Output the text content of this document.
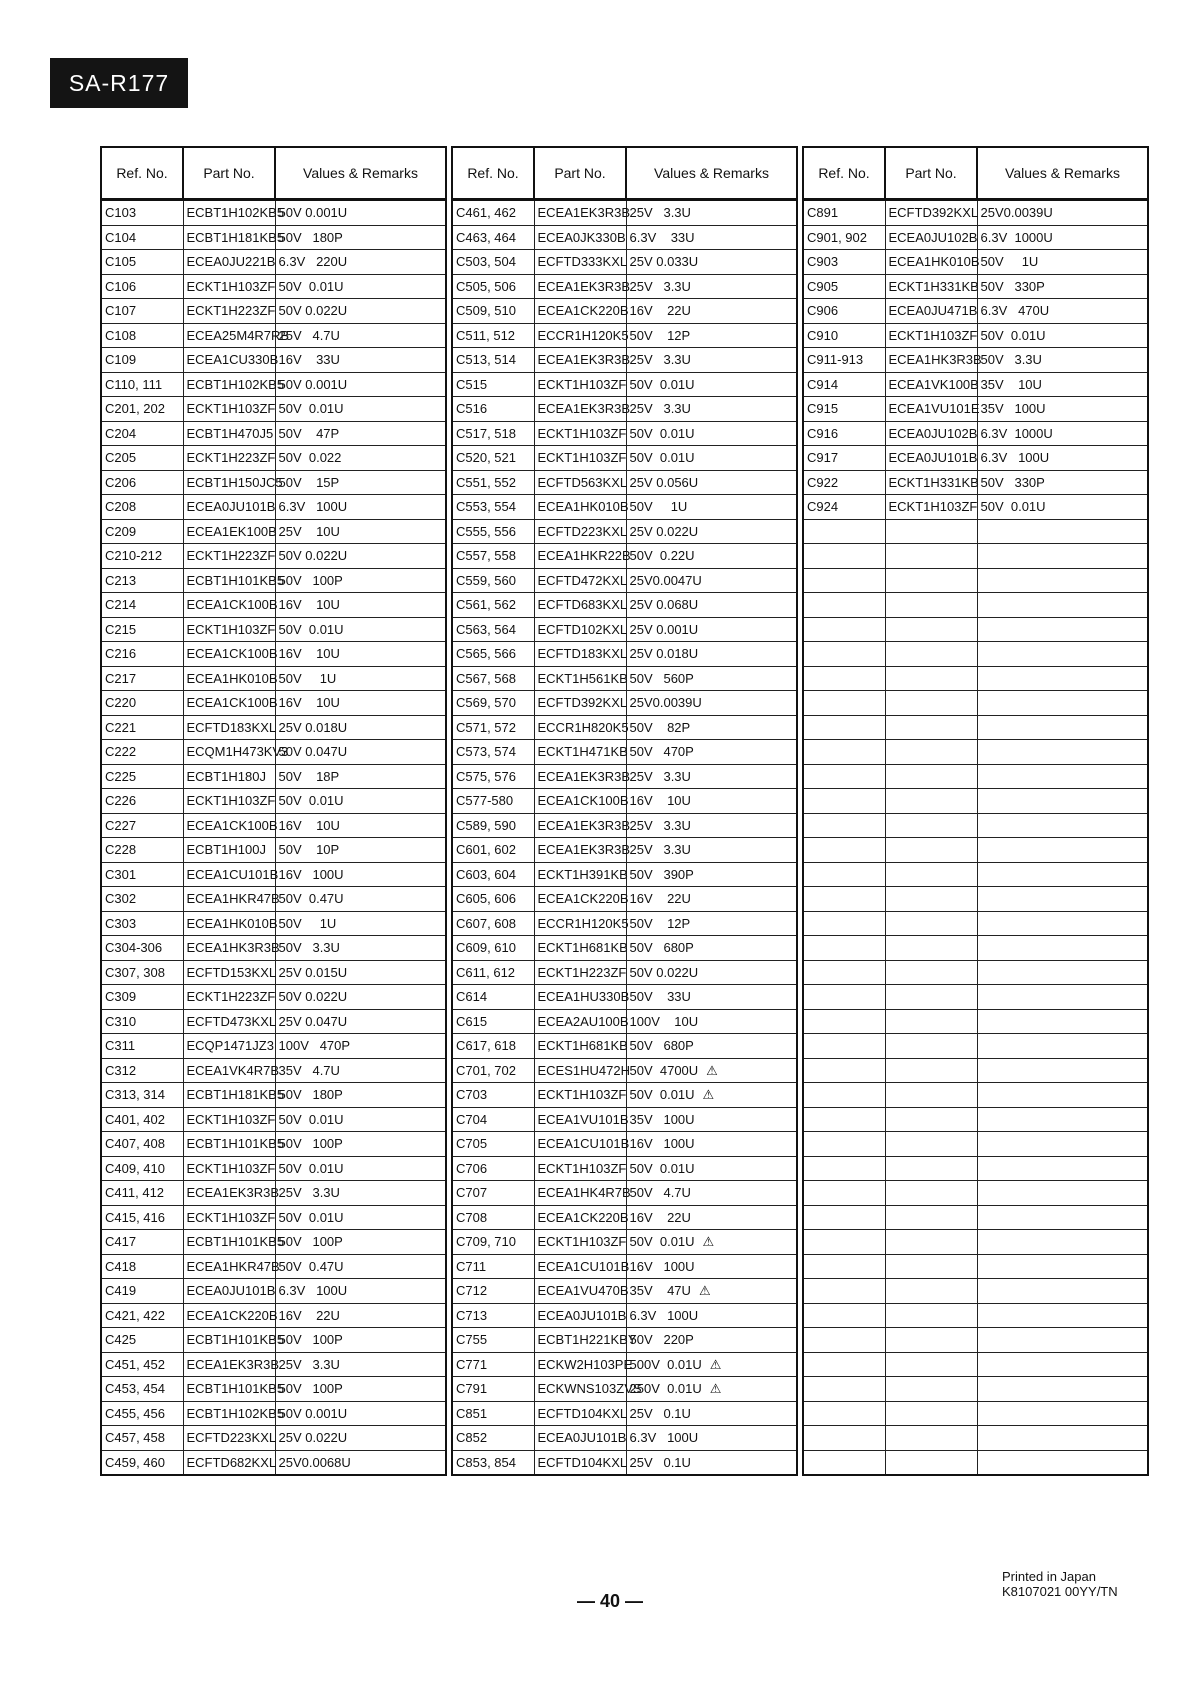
SA-R177
Ref. No.	Part No.	Values & Remarks
C103	ECBT1H102KB5	50V 0.001U
C104	ECBT1H181KB5	50V   180P
C105	ECEA0JU221B	6.3V   220U
C106	ECKT1H103ZF	50V  0.01U
C107	ECKT1H223ZF	50V 0.022U
C108	ECEA25M4R7RB	25V   4.7U
C109	ECEA1CU330B	16V    33U
C110, 111	ECBT1H102KB5	50V 0.001U
C201, 202	ECKT1H103ZF	50V  0.01U
C204	ECBT1H470J5	50V    47P
C205	ECKT1H223ZF	50V  0.022
C206	ECBT1H150JC5	50V    15P
C208	ECEA0JU101B	6.3V   100U
C209	ECEA1EK100B	25V    10U
C210-212	ECKT1H223ZF	50V 0.022U
C213	ECBT1H101KB5	50V   100P
C214	ECEA1CK100B	16V    10U
C215	ECKT1H103ZF	50V  0.01U
C216	ECEA1CK100B	16V    10U
C217	ECEA1HK010B	50V     1U
C220	ECEA1CK100B	16V    10U
C221	ECFTD183KXL	25V 0.018U
C222	ECQM1H473KV3	50V 0.047U
C225	ECBT1H180J	50V    18P
C226	ECKT1H103ZF	50V  0.01U
C227	ECEA1CK100B	16V    10U
C228	ECBT1H100J	50V    10P
C301	ECEA1CU101B	16V   100U
C302	ECEA1HKR47B	50V  0.47U
C303	ECEA1HK010B	50V     1U
C304-306	ECEA1HK3R3B	50V   3.3U
C307, 308	ECFTD153KXL	25V 0.015U
C309	ECKT1H223ZF	50V 0.022U
C310	ECFTD473KXL	25V 0.047U
C311	ECQP1471JZ3	100V   470P
C312	ECEA1VK4R7B	35V   4.7U
C313, 314	ECBT1H181KB5	50V   180P
C401, 402	ECKT1H103ZF	50V  0.01U
C407, 408	ECBT1H101KB5	50V   100P
C409, 410	ECKT1H103ZF	50V  0.01U
C411, 412	ECEA1EK3R3B	25V   3.3U
C415, 416	ECKT1H103ZF	50V  0.01U
C417	ECBT1H101KB5	50V   100P
C418	ECEA1HKR47B	50V  0.47U
C419	ECEA0JU101B	6.3V   100U
C421, 422	ECEA1CK220B	16V    22U
C425	ECBT1H101KB5	50V   100P
C451, 452	ECEA1EK3R3B	25V   3.3U
C453, 454	ECBT1H101KB5	50V   100P
C455, 456	ECBT1H102KB5	50V 0.001U
C457, 458	ECFTD223KXL	25V 0.022U
C459, 460	ECFTD682KXL	25V0.0068U
Ref. No.	Part No.	Values & Remarks
C461, 462	ECEA1EK3R3B	25V   3.3U
C463, 464	ECEA0JK330B	6.3V    33U
C503, 504	ECFTD333KXL	25V 0.033U
C505, 506	ECEA1EK3R3B	25V   3.3U
C509, 510	ECEA1CK220B	16V    22U
C511, 512	ECCR1H120K5	50V    12P
C513, 514	ECEA1EK3R3B	25V   3.3U
C515	ECKT1H103ZF	50V  0.01U
C516	ECEA1EK3R3B	25V   3.3U
C517, 518	ECKT1H103ZF	50V  0.01U
C520, 521	ECKT1H103ZF	50V  0.01U
C551, 552	ECFTD563KXL	25V 0.056U
C553, 554	ECEA1HK010B	50V     1U
C555, 556	ECFTD223KXL	25V 0.022U
C557, 558	ECEA1HKR22B	50V  0.22U
C559, 560	ECFTD472KXL	25V0.0047U
C561, 562	ECFTD683KXL	25V 0.068U
C563, 564	ECFTD102KXL	25V 0.001U
C565, 566	ECFTD183KXL	25V 0.018U
C567, 568	ECKT1H561KB	50V   560P
C569, 570	ECFTD392KXL	25V0.0039U
C571, 572	ECCR1H820K5	50V    82P
C573, 574	ECKT1H471KB	50V   470P
C575, 576	ECEA1EK3R3B	25V   3.3U
C577-580	ECEA1CK100B	16V    10U
C589, 590	ECEA1EK3R3B	25V   3.3U
C601, 602	ECEA1EK3R3B	25V   3.3U
C603, 604	ECKT1H391KB	50V   390P
C605, 606	ECEA1CK220B	16V    22U
C607, 608	ECCR1H120K5	50V    12P
C609, 610	ECKT1H681KB	50V   680P
C611, 612	ECKT1H223ZF	50V 0.022U
C614	ECEA1HU330B	50V    33U
C615	ECEA2AU100B	100V    10U
C617, 618	ECKT1H681KB	50V   680P
C701, 702	ECES1HU472H	50V  4700U ⚠
C703	ECKT1H103ZF	50V  0.01U ⚠
C704	ECEA1VU101B	35V   100U
C705	ECEA1CU101B	16V   100U
C706	ECKT1H103ZF	50V  0.01U
C707	ECEA1HK4R7B	50V   4.7U
C708	ECEA1CK220B	16V    22U
C709, 710	ECKT1H103ZF	50V  0.01U ⚠
C711	ECEA1CU101B	16V   100U
C712	ECEA1VU470B	35V    47U ⚠
C713	ECEA0JU101B	6.3V   100U
C755	ECBT1H221KBY	50V   220P
C771	ECKW2H103PE	500V  0.01U ⚠
C791	ECKWNS103ZVS	250V  0.01U ⚠
C851	ECFTD104KXL	25V   0.1U
C852	ECEA0JU101B	6.3V   100U
C853, 854	ECFTD104KXL	25V   0.1U
Ref. No.	Part No.	Values & Remarks
C891	ECFTD392KXL	25V0.0039U
C901, 902	ECEA0JU102B	6.3V  1000U
C903	ECEA1HK010B	50V     1U
C905	ECKT1H331KB	50V   330P
C906	ECEA0JU471B	6.3V   470U
C910	ECKT1H103ZF	50V  0.01U
C911-913	ECEA1HK3R3B	50V   3.3U
C914	ECEA1VK100B	35V    10U
C915	ECEA1VU101E	35V   100U
C916	ECEA0JU102B	6.3V  1000U
C917	ECEA0JU101B	6.3V   100U
C922	ECKT1H331KB	50V   330P
C924	ECKT1H103ZF	50V  0.01U

— 40 —
Printed in Japan
K8107021 00YY/TN
